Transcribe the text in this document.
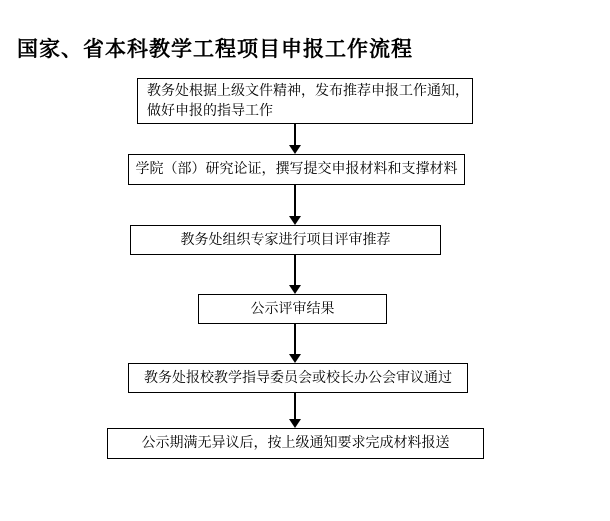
国家、省本科教学工程项目申报工作流程
教务处根据上级文件精神，发布推荐申报工作通知，
做好申报的指导工作
学院（部）研究论证，撰写提交申报材料和支撑材料
教务处组织专家进行项目评审推荐
公示评审结果
教务处报校教学指导委员会或校长办公会审议通过
公示期满无异议后，按上级通知要求完成材料报送
